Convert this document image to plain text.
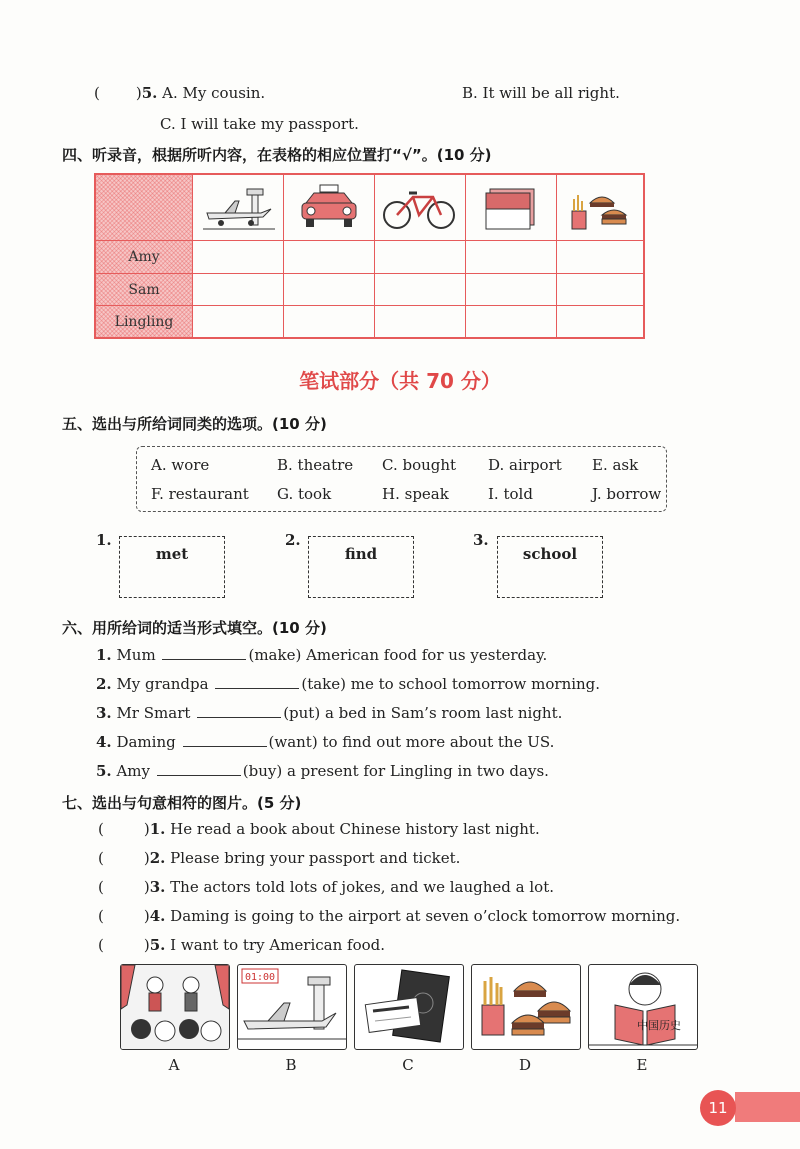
( )5. A. My cousin.	B. It will be all right.
C. I will take my passport.
四、听录音，根据所听内容，在表格的相应位置打“√”。(10 分)
Amy
Sam
Lingling
笔试部分（共 70 分）
五、选出与所给词同类的选项。(10 分)
A. wore	B. theatre C. bought D. airport E. ask
F. restaurant G. took	H. speak	I. told	J. borrow
1.
met
2.
find
3.
school
六、用所给词的适当形式填空。(10 分)
1. Mum	(make) American food for us yesterday.
2. My grandpa	(take) me to school tomorrow morning.
3. Mr Smart	(put) a bed in Sam’s room last night.
4. Daming	(want) to find out more about the US.
5. Amy	(buy) a present for Lingling in two days.
七、选出与句意相符的图片。(5 分)
(	)1. He read a book about Chinese history last night.
(	)2. Please bring your passport and ticket.
(	)3. The actors told lots of jokes, and we laughed a lot.
(	)4. Daming is going to the airport at seven o’clock tomorrow morning.
(	)5. I want to try American food.
01:00
中国历史
A	B	C	D	E
11
